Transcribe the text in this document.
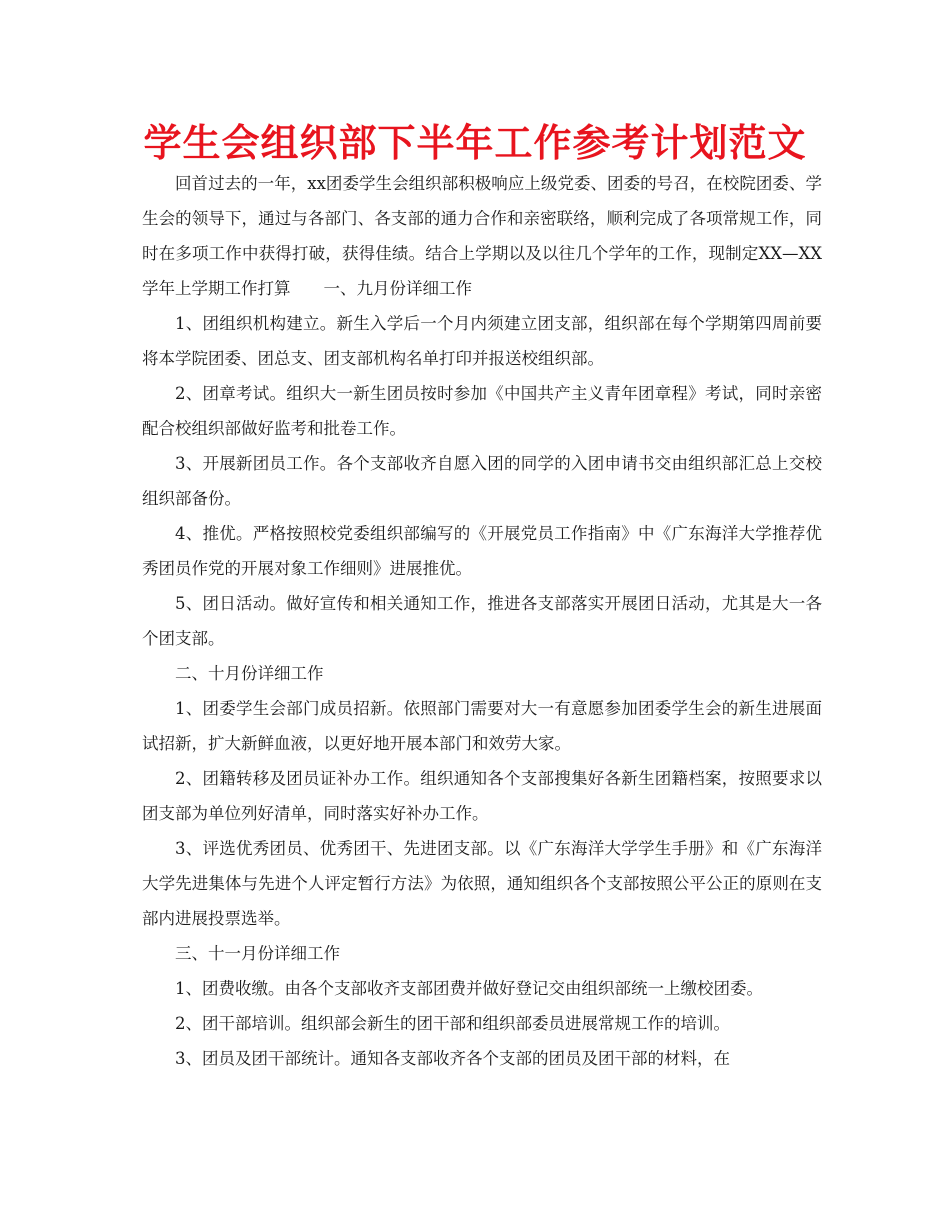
学生会组织部下半年工作参考计划范文

回首过去的一年，xx团委学生会组织部积极响应上级党委、团委的号召，在校院团委、学生会的领导下，通过与各部门、各支部的通力合作和亲密联络，顺利完成了各项常规工作，同时在多项工作中获得打破，获得佳绩。结合上学期以及以往几个学年的工作，现制定XX—XX学年上学期工作打算　　一、九月份详细工作

1、团组织机构建立。新生入学后一个月内须建立团支部，组织部在每个学期第四周前要将本学院团委、团总支、团支部机构名单打印并报送校组织部。

2、团章考试。组织大一新生团员按时参加《中国共产主义青年团章程》考试，同时亲密配合校组织部做好监考和批卷工作。

3、开展新团员工作。各个支部收齐自愿入团的同学的入团申请书交由组织部汇总上交校组织部备份。

4、推优。严格按照校党委组织部编写的《开展党员工作指南》中《广东海洋大学推荐优秀团员作党的开展对象工作细则》进展推优。

5、团日活动。做好宣传和相关通知工作，推进各支部落实开展团日活动，尤其是大一各个团支部。

二、十月份详细工作

1、团委学生会部门成员招新。依照部门需要对大一有意愿参加团委学生会的新生进展面试招新，扩大新鲜血液，以更好地开展本部门和效劳大家。

2、团籍转移及团员证补办工作。组织通知各个支部搜集好各新生团籍档案，按照要求以团支部为单位列好清单，同时落实好补办工作。

3、评选优秀团员、优秀团干、先进团支部。以《广东海洋大学学生手册》和《广东海洋大学先进集体与先进个人评定暂行方法》为依照，通知组织各个支部按照公平公正的原则在支部内进展投票选举。

三、十一月份详细工作

1、团费收缴。由各个支部收齐支部团费并做好登记交由组织部统一上缴校团委。

2、团干部培训。组织部会新生的团干部和组织部委员进展常规工作的培训。

3、团员及团干部统计。通知各支部收齐各个支部的团员及团干部的材料，在
